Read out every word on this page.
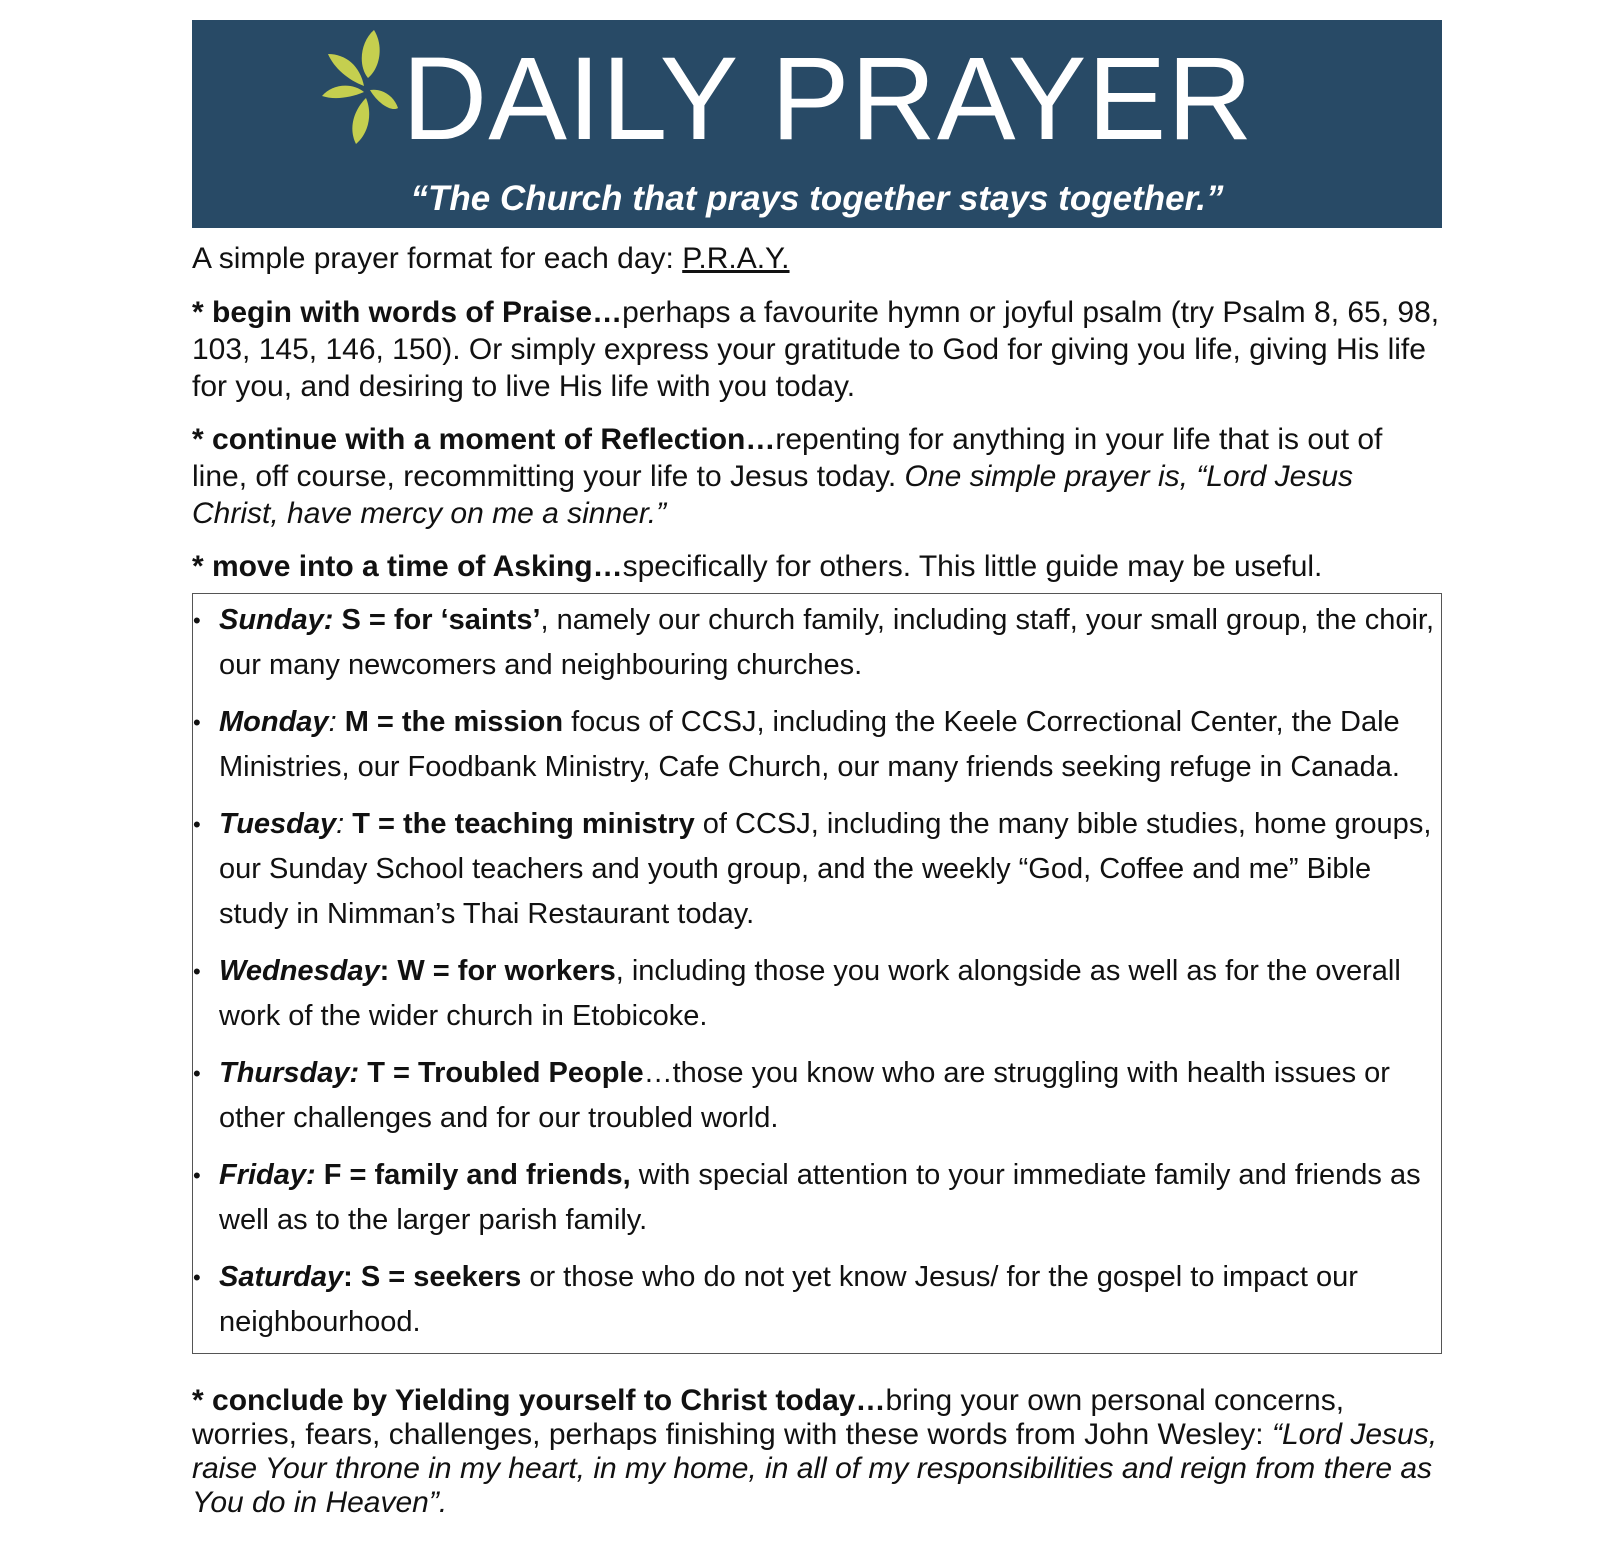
DAILY PRAYER
“The Church that prays together stays together.”

A simple prayer format for each day: P.R.A.Y.

* begin with words of Praise…perhaps a favourite hymn or joyful psalm (try Psalm 8, 65, 98, 103, 145, 146, 150). Or simply express your gratitude to God for giving you life, giving His life for you, and desiring to live His life with you today.

* continue with a moment of Reflection…repenting for anything in your life that is out of line, off course, recommitting your life to Jesus today. One simple prayer is, “Lord Jesus Christ, have mercy on me a sinner.”

* move into a time of Asking…specifically for others. This little guide may be useful.

• Sunday: S = for ‘saints’, namely our church family, including staff, your small group, the choir, our many newcomers and neighbouring churches.
• Monday: M = the mission focus of CCSJ, including the Keele Correctional Center, the Dale Ministries, our Foodbank Ministry, Cafe Church, our many friends seeking refuge in Canada.
• Tuesday: T = the teaching ministry of CCSJ, including the many bible studies, home groups, our Sunday School teachers and youth group, and the weekly “God, Coffee and me” Bible study in Nimman’s Thai Restaurant today.
• Wednesday: W = for workers, including those you work alongside as well as for the overall work of the wider church in Etobicoke.
• Thursday: T = Troubled People…those you know who are struggling with health issues or other challenges and for our troubled world.
• Friday: F = family and friends, with special attention to your immediate family and friends as well as to the larger parish family.
• Saturday: S = seekers or those who do not yet know Jesus/ for the gospel to impact our neighbourhood.

* conclude by Yielding yourself to Christ today…bring your own personal concerns, worries, fears, challenges, perhaps finishing with these words from John Wesley: “Lord Jesus, raise Your throne in my heart, in my home, in all of my responsibilities and reign from there as You do in Heaven”.
